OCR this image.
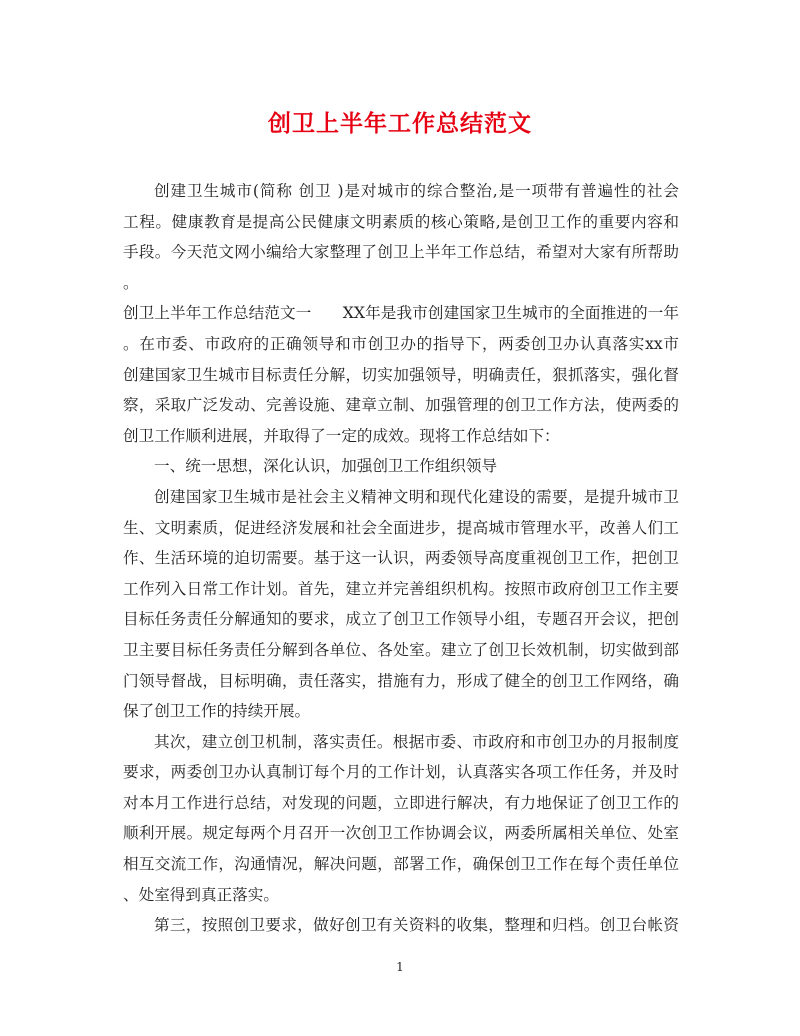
创卫上半年工作总结范文
创建卫生城市(简称 创卫 )是对城市的综合整治,是一项带有普遍性的社会
工程。健康教育是提高公民健康文明素质的核心策略,是创卫工作的重要内容和
手段。今天范文网小编给大家整理了创卫上半年工作总结，希望对大家有所帮助
。
创卫上半年工作总结范文一　　XX年是我市创建国家卫生城市的全面推进的一年
。在市委、市政府的正确领导和市创卫办的指导下，两委创卫办认真落实xx市
创建国家卫生城市目标责任分解，切实加强领导，明确责任，狠抓落实，强化督
察，采取广泛发动、完善设施、建章立制、加强管理的创卫工作方法，使两委的
创卫工作顺利进展，并取得了一定的成效。现将工作总结如下：
一、统一思想，深化认识，加强创卫工作组织领导
创建国家卫生城市是社会主义精神文明和现代化建设的需要，是提升城市卫
生、文明素质，促进经济发展和社会全面进步，提高城市管理水平，改善人们工
作、生活环境的迫切需要。基于这一认识，两委领导高度重视创卫工作，把创卫
工作列入日常工作计划。首先，建立并完善组织机构。按照市政府创卫工作主要
目标任务责任分解通知的要求，成立了创卫工作领导小组，专题召开会议，把创
卫主要目标任务责任分解到各单位、各处室。建立了创卫长效机制，切实做到部
门领导督战，目标明确，责任落实，措施有力，形成了健全的创卫工作网络，确
保了创卫工作的持续开展。
其次，建立创卫机制，落实责任。根据市委、市政府和市创卫办的月报制度
要求，两委创卫办认真制订每个月的工作计划，认真落实各项工作任务，并及时
对本月工作进行总结，对发现的问题，立即进行解决，有力地保证了创卫工作的
顺利开展。规定每两个月召开一次创卫工作协调会议，两委所属相关单位、处室
相互交流工作，沟通情况，解决问题，部署工作，确保创卫工作在每个责任单位
、处室得到真正落实。
第三，按照创卫要求，做好创卫有关资料的收集，整理和归档。创卫台帐资
1
